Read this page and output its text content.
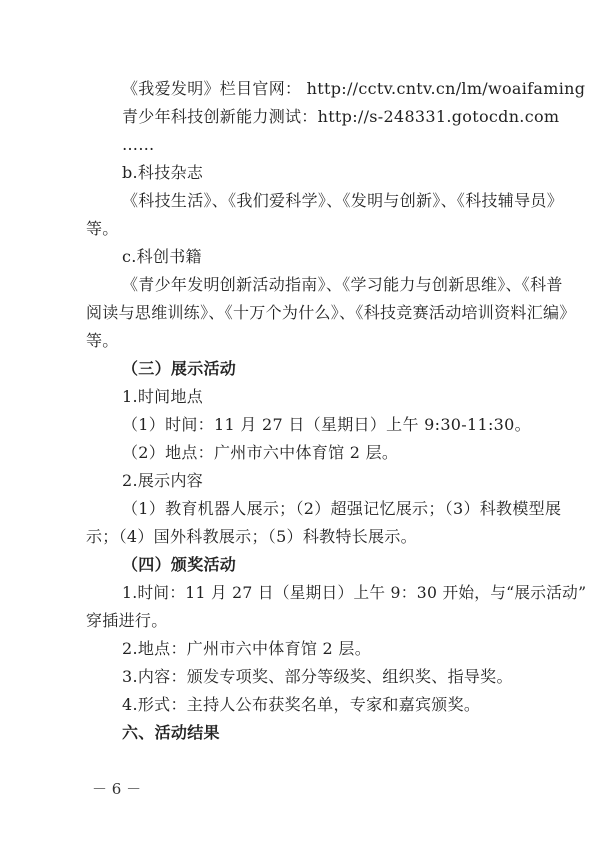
《我爱发明》栏目官网： http://cctv.cntv.cn/lm/woaifaming
青少年科技创新能力测试：http://s-248331.gotocdn.com
……
b.科技杂志
《科技生活》、《我们爱科学》、《发明与创新》、《科技辅导员》
等。
c.科创书籍
《青少年发明创新活动指南》、《学习能力与创新思维》、《科普
阅读与思维训练》、《十万个为什么》、《科技竞赛活动培训资料汇编》
等。
（三）展示活动
1.时间地点
（1）时间：11 月 27 日（星期日）上午 9:30-11:30。
（2）地点：广州市六中体育馆 2 层。
2.展示内容
（1）教育机器人展示；（2）超强记忆展示；（3）科教模型展
示；（4）国外科教展示；（5）科教特长展示。
（四）颁奖活动
1.时间：11 月 27 日（星期日）上午 9：30 开始，与“展示活动”
穿插进行。
2.地点：广州市六中体育馆 2 层。
3.内容：颁发专项奖、部分等级奖、组织奖、指导奖。
4.形式：主持人公布获奖名单，专家和嘉宾颁奖。
六、活动结果
－ 6 －
